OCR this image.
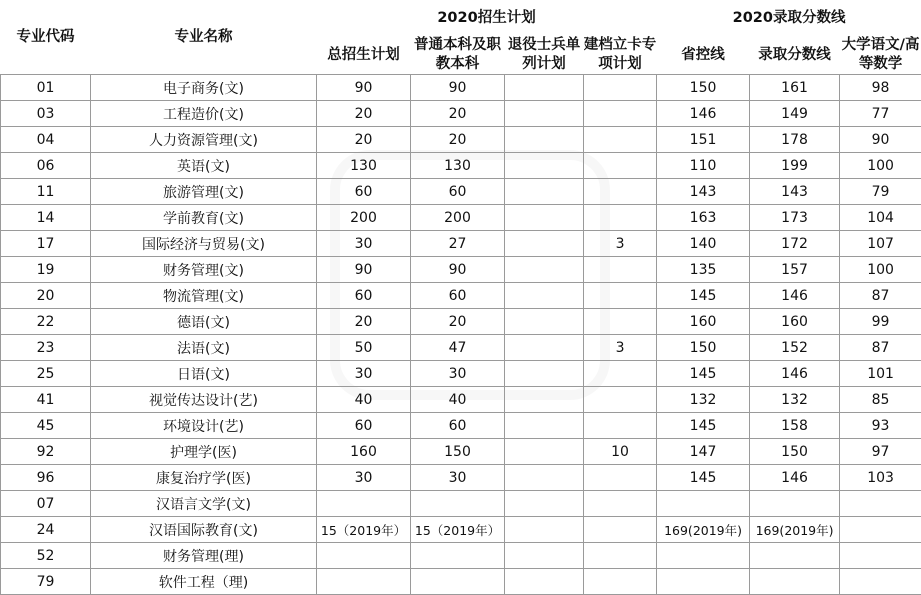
专业代码	专业名称	2020招生计划				2020录取分数线		
		总招生计划	普通本科及职教本科	退役士兵单列计划	建档立卡专项计划	省控线	录取分数线	大学语文/高等数学
01	电子商务(文)	90	90			150	161	98
03	工程造价(文)	20	20			146	149	77
04	人力资源管理(文)	20	20			151	178	90
06	英语(文)	130	130			110	199	100
11	旅游管理(文)	60	60			143	143	79
14	学前教育(文)	200	200			163	173	104
17	国际经济与贸易(文)	30	27		3	140	172	107
19	财务管理(文)	90	90			135	157	100
20	物流管理(文)	60	60			145	146	87
22	德语(文)	20	20			160	160	99
23	法语(文)	50	47		3	150	152	87
25	日语(文)	30	30			145	146	101
41	视觉传达设计(艺)	40	40			132	132	85
45	环境设计(艺)	60	60			145	158	93
92	护理学(医)	160	150		10	147	150	97
96	康复治疗学(医)	30	30			145	146	103
07	汉语言文学(文)							
24	汉语国际教育(文)	15（2019年）	15（2019年）			169(2019年)	169(2019年)	
52	财务管理(理)							
79	软件工程（理)							
